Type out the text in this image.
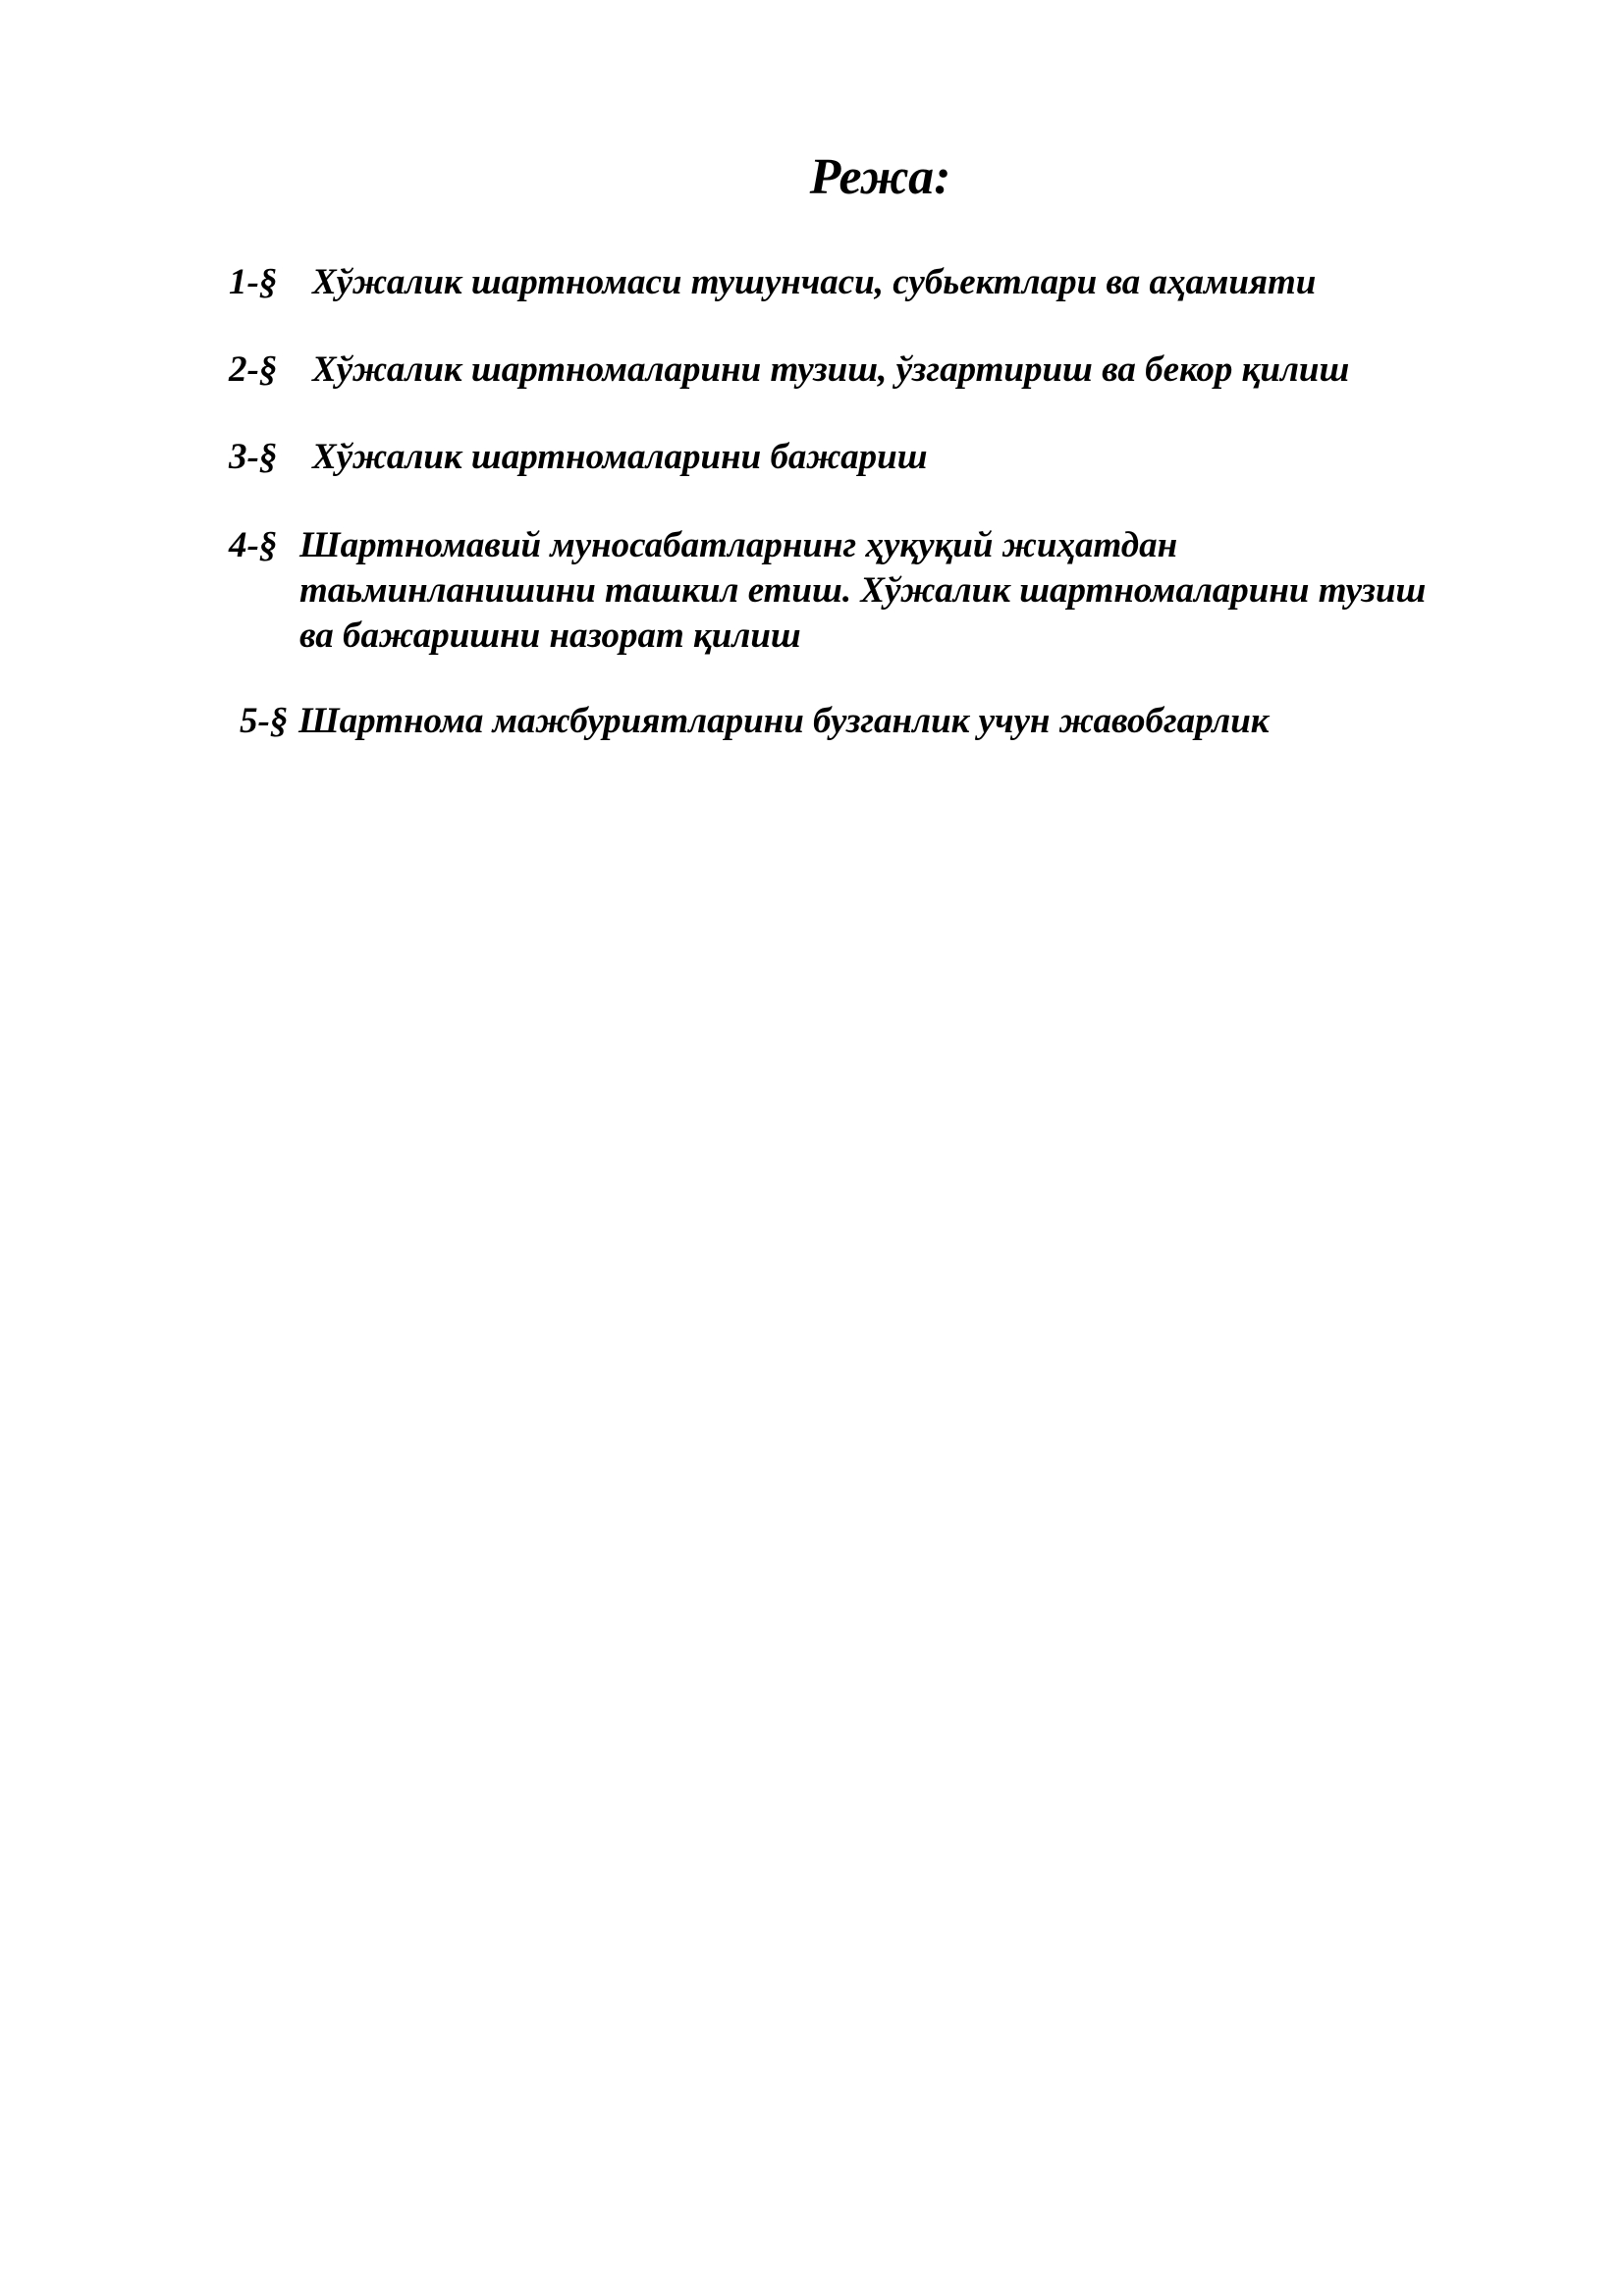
Режа:
1-§ Хўжалик шартномаси тушунчаси, субьектлари ва аҳамияти
2-§ Хўжалик шартномаларини тузиш, ўзгартириш ва бекор қилиш
3-§ Хўжалик шартномаларини бажариш
4-§ Шартномавий муносабатларнинг ҳуқуқий жиҳатдан
таьминланишини ташкил етиш. Хўжалик шартномаларини тузиш
ва бажаришни назорат қилиш
5-§ Шартнома мажбуриятларини бузганлик учун жавобгарлик
